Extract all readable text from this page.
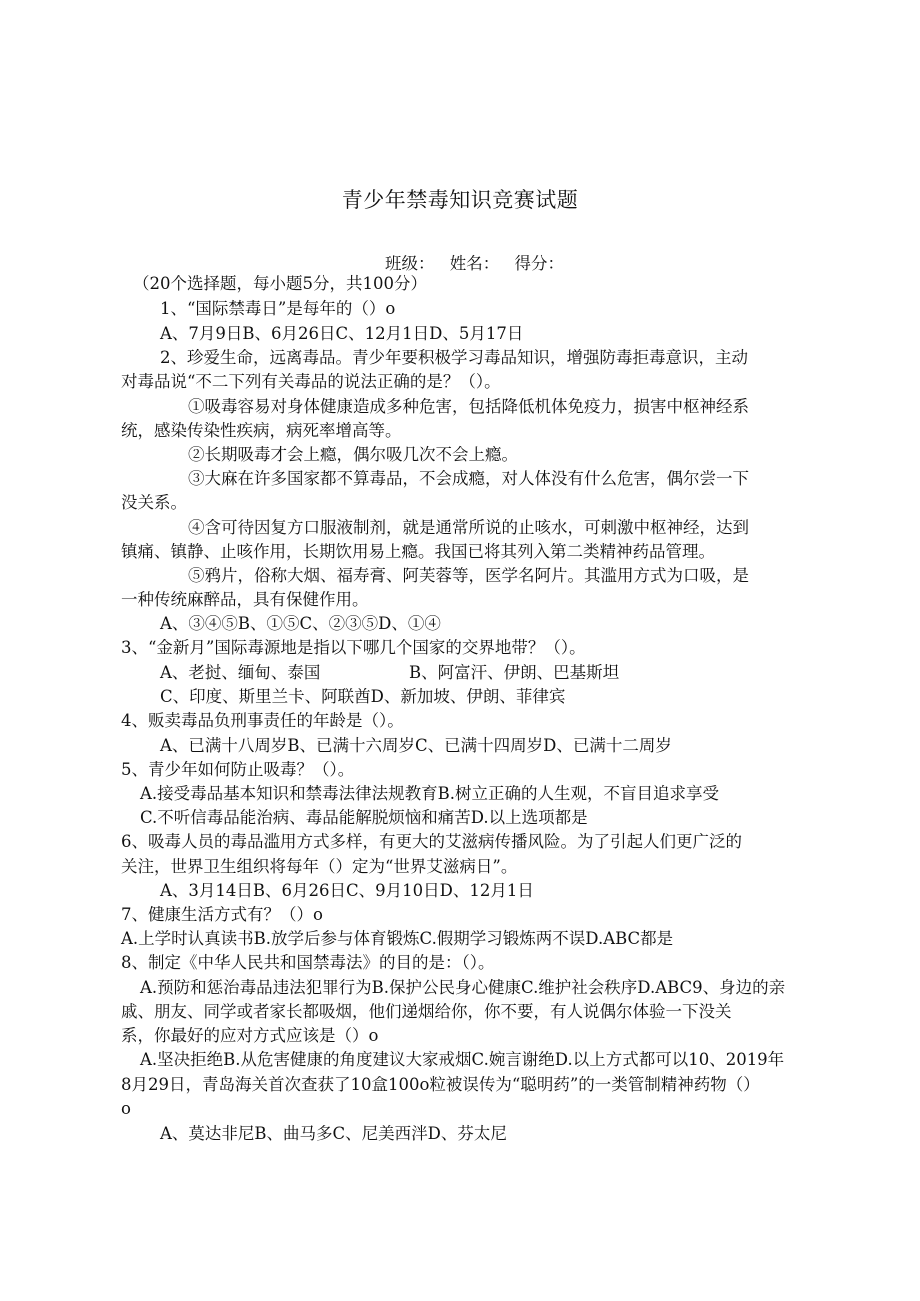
青少年禁毒知识竞赛试题
班级： 姓名： 得分：
（20个选择题，每小题5分，共100分）
1、“国际禁毒日”是每年的（）o
A、7月9日B、6月26日C、12月1日D、5月17日
2、珍爱生命，远离毒品。青少年要积极学习毒品知识，增强防毒拒毒意识，主动
对毒品说“不二下列有关毒品的说法正确的是？（）。
①吸毒容易对身体健康造成多种危害，包括降低机体免疫力，损害中枢神经系
统，感染传染性疾病，病死率增高等。
②长期吸毒才会上瘾，偶尔吸几次不会上瘾。
③大麻在许多国家都不算毒品，不会成瘾，对人体没有什么危害，偶尔尝一下
没关系。
④含可待因复方口服液制剂，就是通常所说的止咳水，可刺激中枢神经，达到
镇痛、镇静、止咳作用，长期饮用易上瘾。我国已将其列入第二类精神药品管理。
⑤鸦片，俗称大烟、福寿膏、阿芙蓉等，医学名阿片。其滥用方式为口吸，是
一种传统麻醉品，具有保健作用。
A、③④⑤B、①⑤C、②③⑤D、①④
3、“金新月”国际毒源地是指以下哪几个国家的交界地带？（）。
A、老挝、缅甸、泰国	B、阿富汗、伊朗、巴基斯坦
C、印度、斯里兰卡、阿联酋D、新加坡、伊朗、菲律宾
4、贩卖毒品负刑事责任的年龄是（）。
A、已满十八周岁B、已满十六周岁C、已满十四周岁D、已满十二周岁
5、青少年如何防止吸毒？（）。
A.接受毒品基本知识和禁毒法律法规教育B.树立正确的人生观，不盲目追求享受
C.不听信毒品能治病、毒品能解脱烦恼和痛苦D.以上选项都是
6、吸毒人员的毒品滥用方式多样，有更大的艾滋病传播风险。为了引起人们更广泛的
关注，世界卫生组织将每年（）定为“世界艾滋病日”。
A、3月14日B、6月26日C、9月10日D、12月1日
7、健康生活方式有？（）o
A.上学时认真读书B.放学后参与体育锻炼C.假期学习锻炼两不误D.ABC都是
8、制定《中华人民共和国禁毒法》的目的是：（）。
A.预防和惩治毒品违法犯罪行为B.保护公民身心健康C.维护社会秩序D.ABC9、身边的亲
戚、朋友、同学或者家长都吸烟，他们递烟给你，你不要，有人说偶尔体验一下没关
系，你最好的应对方式应该是（）o
A.坚决拒绝B.从危害健康的角度建议大家戒烟C.婉言谢绝D.以上方式都可以10、2019年
8月29日，青岛海关首次查获了10盒100o粒被误传为“聪明药”的一类管制精神药物（）
o
A、莫达非尼B、曲马多C、尼美西泮D、芬太尼
